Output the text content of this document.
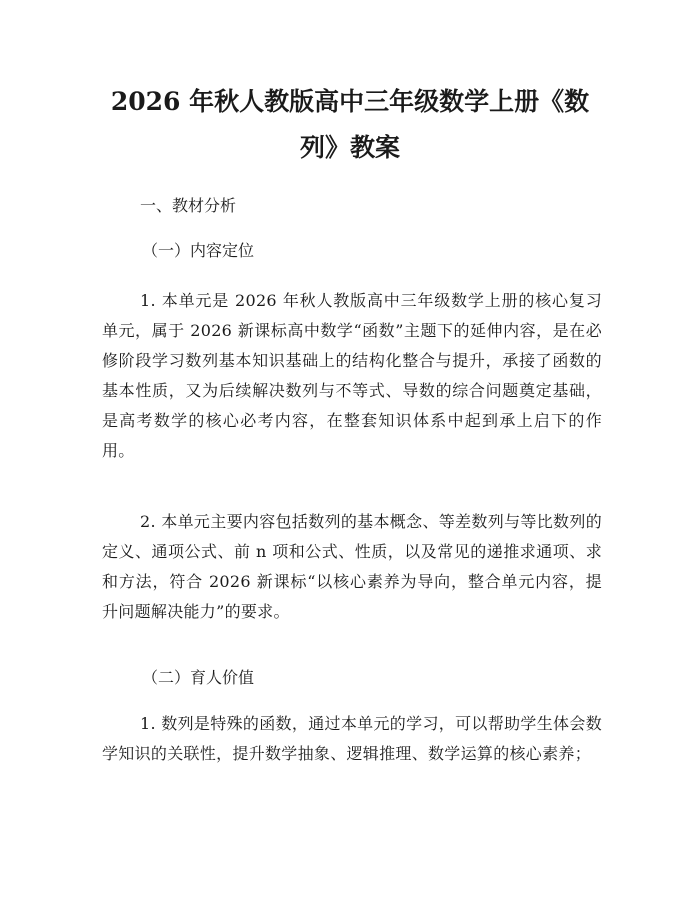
2026 年秋人教版高中三年级数学上册《数
列》教案

一、教材分析

（一）内容定位

1. 本单元是 2026 年秋人教版高中三年级数学上册的核心复习单元，属于 2026 新课标高中数学“函数”主题下的延伸内容，是在必修阶段学习数列基本知识基础上的结构化整合与提升，承接了函数的基本性质，又为后续解决数列与不等式、导数的综合问题奠定基础，是高考数学的核心必考内容，在整套知识体系中起到承上启下的作用。

2. 本单元主要内容包括数列的基本概念、等差数列与等比数列的定义、通项公式、前 n 项和公式、性质，以及常见的递推求通项、求和方法，符合 2026 新课标“以核心素养为导向，整合单元内容，提升问题解决能力”的要求。

（二）育人价值

1. 数列是特殊的函数，通过本单元的学习，可以帮助学生体会数学知识的关联性，提升数学抽象、逻辑推理、数学运算的核心素养；
